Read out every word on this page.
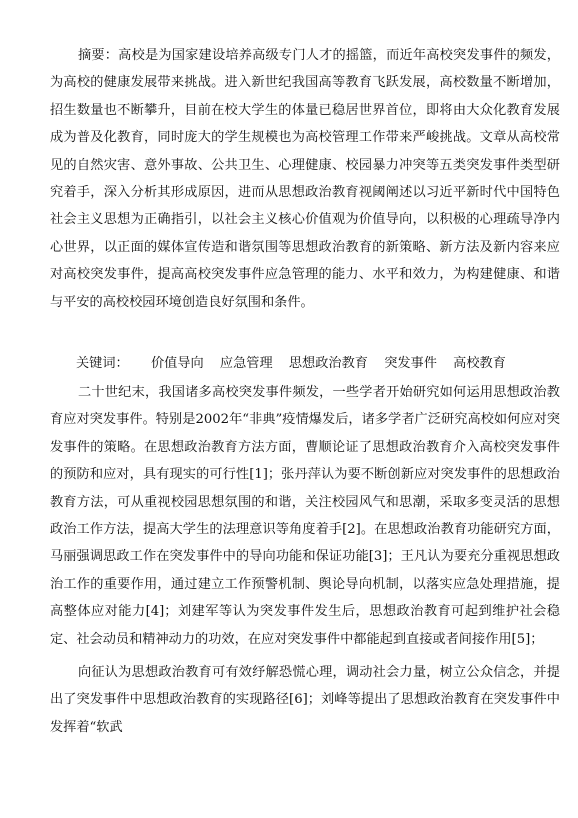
摘要：高校是为国家建设培养高级专门人才的摇篮，而近年高校突发事件的频发，为高校的健康发展带来挑战。进入新世纪我国高等教育飞跃发展，高校数量不断增加，招生数量也不断攀升，目前在校大学生的体量已稳居世界首位，即将由大众化教育发展成为普及化教育，同时庞大的学生规模也为高校管理工作带来严峻挑战。文章从高校常见的自然灾害、意外事故、公共卫生、心理健康、校园暴力冲突等五类突发事件类型研究着手，深入分析其形成原因，进而从思想政治教育视阈阐述以习近平新时代中国特色社会主义思想为正确指引，以社会主义核心价值观为价值导向，以积极的心理疏导净内心世界，以正面的媒体宣传造和谐氛围等思想政治教育的新策略、新方法及新内容来应对高校突发事件，提高高校突发事件应急管理的能力、水平和效力，为构建健康、和谐与平安的高校校园环境创造良好氛围和条件。

关键词： 价值导向 应急管理 思想政治教育 突发事件 高校教育

二十世纪末，我国诸多高校突发事件频发，一些学者开始研究如何运用思想政治教育应对突发事件。特别是2002年“非典”疫情爆发后，诸多学者广泛研究高校如何应对突发事件的策略。在思想政治教育方法方面，曹顺论证了思想政治教育介入高校突发事件的预防和应对，具有现实的可行性[1]；张丹萍认为要不断创新应对突发事件的思想政治教育方法，可从重视校园思想氛围的和谐，关注校园风气和思潮，采取多变灵活的思想政治工作方法，提高大学生的法理意识等角度着手[2]。在思想政治教育功能研究方面，马丽强调思政工作在突发事件中的导向功能和保证功能[3]；王凡认为要充分重视思想政治工作的重要作用，通过建立工作预警机制、舆论导向机制，以落实应急处理措施，提高整体应对能力[4]；刘建军等认为突发事件发生后，思想政治教育可起到维护社会稳定、社会动员和精神动力的功效，在应对突发事件中都能起到直接或者间接作用[5]；

向征认为思想政治教育可有效纾解恐慌心理，调动社会力量，树立公众信念，并提出了突发事件中思想政治教育的实现路径[6]；刘峰等提出了思想政治教育在突发事件中发挥着“软武
